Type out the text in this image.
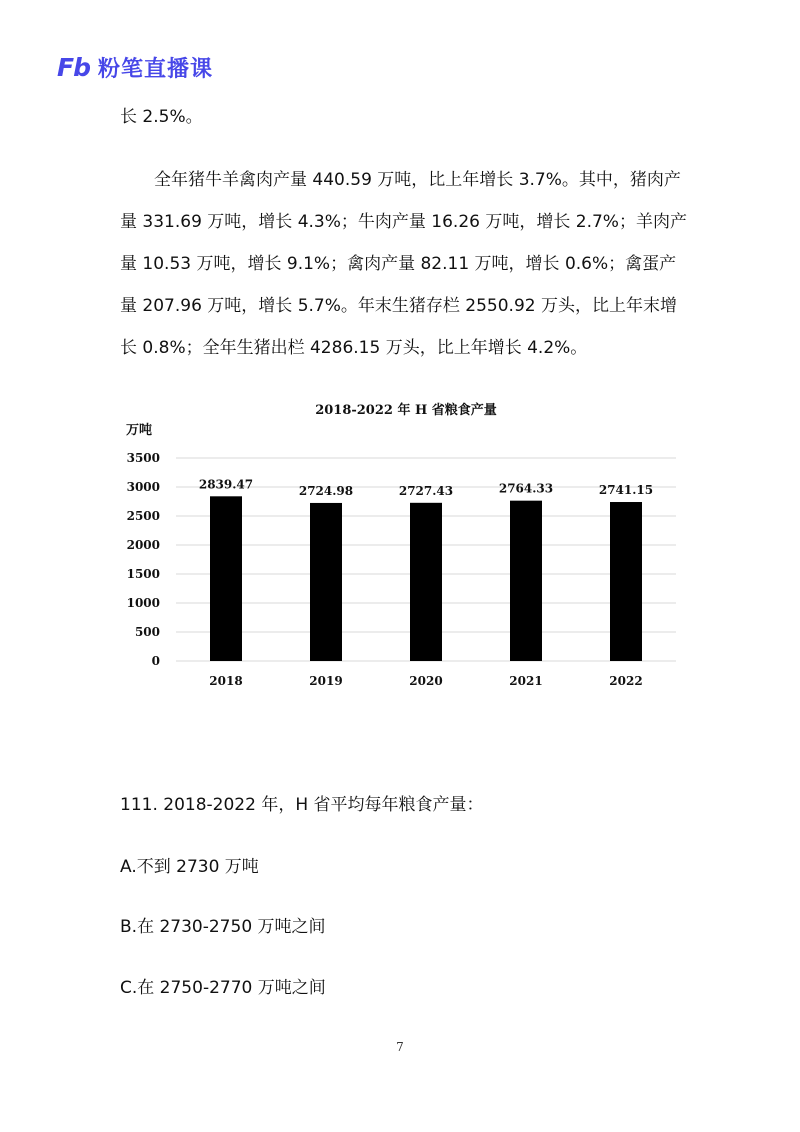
Fb 粉笔直播课

长 2.5%。

全年猪牛羊禽肉产量 440.59 万吨，比上年增长 3.7%。其中，猪肉产量 331.69 万吨，增长 4.3%；牛肉产量 16.26 万吨，增长 2.7%；羊肉产量 10.53 万吨，增长 9.1%；禽肉产量 82.11 万吨，增长 0.6%；禽蛋产量 207.96 万吨，增长 5.7%。年末生猪存栏 2550.92 万头，比上年末增长 0.8%；全年生猪出栏 4286.15 万头，比上年增长 4.2%。

2018-2022 年 H 省粮食产量
万吨
0
500
1000
1500
2000
2500
3000
3500
2839.47	2724.98	2727.43	2764.33	2741.15
2018	2019	2020	2021	2022

111. 2018-2022 年，H 省平均每年粮食产量：

A.不到 2730 万吨

B.在 2730-2750 万吨之间

C.在 2750-2770 万吨之间

7
